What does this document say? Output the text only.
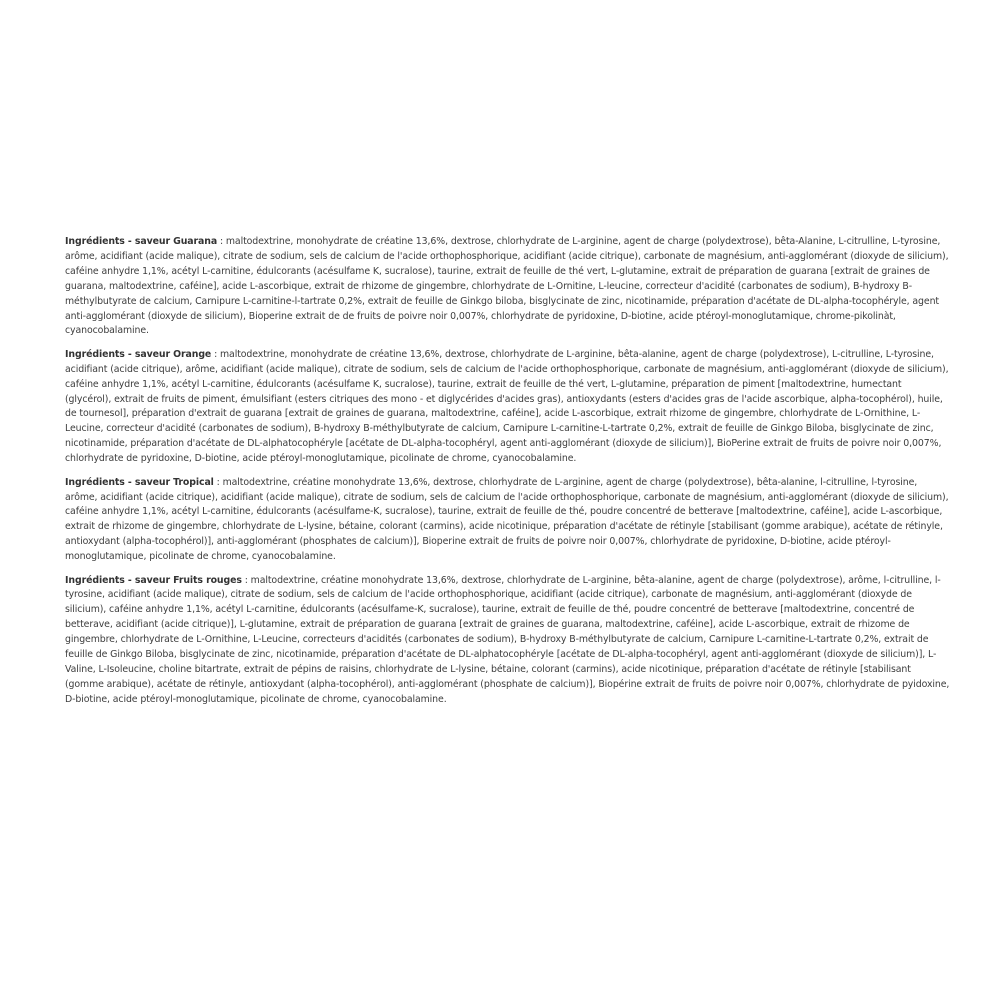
Ingrédients - saveur Guarana : maltodextrine, monohydrate de créatine 13,6%, dextrose, chlorhydrate de L-arginine, agent de charge (polydextrose), bêta-Alanine, L-citrulline, L-tyrosine, arôme, acidifiant (acide malique), citrate de sodium, sels de calcium de l'acide orthophosphorique, acidifiant (acide citrique), carbonate de magnésium, anti-agglomérant (dioxyde de silicium), caféine anhydre 1,1%, acétyl L-carnitine, édulcorants (acésulfame K, sucralose), taurine, extrait de feuille de thé vert, L-glutamine, extrait de préparation de guarana [extrait de graines de guarana, maltodextrine, caféine], acide L-ascorbique, extrait de rhizome de gingembre, chlorhydrate de L-Ornitine, L-leucine, correcteur d'acidité (carbonates de sodium), B-hydroxy B-méthylbutyrate de calcium, Carnipure L-carnitine-l-tartrate 0,2%, extrait de feuille de Ginkgo biloba, bisglycinate de zinc, nicotinamide, préparation d'acétate de DL-alpha-tocophéryle, agent anti-agglomérant (dioxyde de silicium), Bioperine extrait de de fruits de poivre noir 0,007%, chlorhydrate de pyridoxine, D-biotine, acide ptéroyl-monoglutamique, chrome-pikolinàt, cyanocobalamine.

Ingrédients - saveur Orange : maltodextrine, monohydrate de créatine 13,6%, dextrose, chlorhydrate de L-arginine, bêta-alanine, agent de charge (polydextrose), L-citrulline, L-tyrosine, acidifiant (acide citrique), arôme, acidifiant (acide malique), citrate de sodium, sels de calcium de l'acide orthophosphorique, carbonate de magnésium, anti-agglomérant (dioxyde de silicium), caféine anhydre 1,1%, acétyl L-carnitine, édulcorants (acésulfame K, sucralose), taurine, extrait de feuille de thé vert, L-glutamine, préparation de piment [maltodextrine, humectant (glycérol), extrait de fruits de piment, émulsifiant (esters citriques des mono - et diglycérides d'acides gras), antioxydants (esters d'acides gras de l'acide ascorbique, alpha-tocophérol), huile, de tournesol], préparation d'extrait de guarana [extrait de graines de guarana, maltodextrine, caféine], acide L-ascorbique, extrait rhizome de gingembre, chlorhydrate de L-Ornithine, L-Leucine, correcteur d'acidité (carbonates de sodium), B-hydroxy B-méthylbutyrate de calcium, Carnipure L-carnitine-L-tartrate 0,2%, extrait de feuille de Ginkgo Biloba, bisglycinate de zinc, nicotinamide, préparation d'acétate de DL-alphatocophéryle [acétate de DL-alpha-tocophéryl, agent anti-agglomérant (dioxyde de silicium)], BioPerine extrait de fruits de poivre noir 0,007%, chlorhydrate de pyridoxine, D-biotine, acide ptéroyl-monoglutamique, picolinate de chrome, cyanocobalamine.

Ingrédients - saveur Tropical : maltodextrine, créatine monohydrate 13,6%, dextrose, chlorhydrate de L-arginine, agent de charge (polydextrose), bêta-alanine, l-citrulline, l-tyrosine, arôme, acidifiant (acide citrique), acidifiant (acide malique), citrate de sodium, sels de calcium de l'acide orthophosphorique, carbonate de magnésium, anti-agglomérant (dioxyde de silicium), caféine anhydre 1,1%, acétyl L-carnitine, édulcorants (acésulfame-K, sucralose), taurine, extrait de feuille de thé, poudre concentré de betterave [maltodextrine, caféine], acide L-ascorbique, extrait de rhizome de gingembre, chlorhydrate de L-lysine, bétaine, colorant (carmins), acide nicotinique, préparation d'acétate de rétinyle [stabilisant (gomme arabique), acétate de rétinyle, antioxydant (alpha-tocophérol)], anti-agglomérant (phosphates de calcium)], Bioperine extrait de fruits de poivre noir 0,007%, chlorhydrate de pyridoxine, D-biotine, acide ptéroyl-monoglutamique, picolinate de chrome, cyanocobalamine.

Ingrédients - saveur Fruits rouges : maltodextrine, créatine monohydrate 13,6%, dextrose, chlorhydrate de L-arginine, bêta-alanine, agent de charge (polydextrose), arôme, l-citrulline, l-tyrosine, acidifiant (acide malique), citrate de sodium, sels de calcium de l'acide orthophosphorique, acidifiant (acide citrique), carbonate de magnésium, anti-agglomérant (dioxyde de silicium), caféine anhydre 1,1%, acétyl L-carnitine, édulcorants (acésulfame-K, sucralose), taurine, extrait de feuille de thé, poudre concentré de betterave [maltodextrine, concentré de betterave, acidifiant (acide citrique)], L-glutamine, extrait de préparation de guarana [extrait de graines de guarana, maltodextrine, caféine], acide L-ascorbique, extrait de rhizome de gingembre, chlorhydrate de L-Ornithine, L-Leucine, correcteurs d'acidités (carbonates de sodium), B-hydroxy B-méthylbutyrate de calcium, Carnipure L-carnitine-L-tartrate 0,2%, extrait de feuille de Ginkgo Biloba, bisglycinate de zinc, nicotinamide, préparation d'acétate de DL-alphatocophéryle [acétate de DL-alpha-tocophéryl, agent anti-agglomérant (dioxyde de silicium)], L-Valine, L-Isoleucine, choline bitartrate, extrait de pépins de raisins, chlorhydrate de L-lysine, bétaine, colorant (carmins), acide nicotinique, préparation d'acétate de rétinyle [stabilisant (gomme arabique), acétate de rétinyle, antioxydant (alpha-tocophérol), anti-agglomérant (phosphate de calcium)], Biopérine extrait de fruits de poivre noir 0,007%, chlorhydrate de pyidoxine, D-biotine, acide ptéroyl-monoglutamique, picolinate de chrome, cyanocobalamine.
